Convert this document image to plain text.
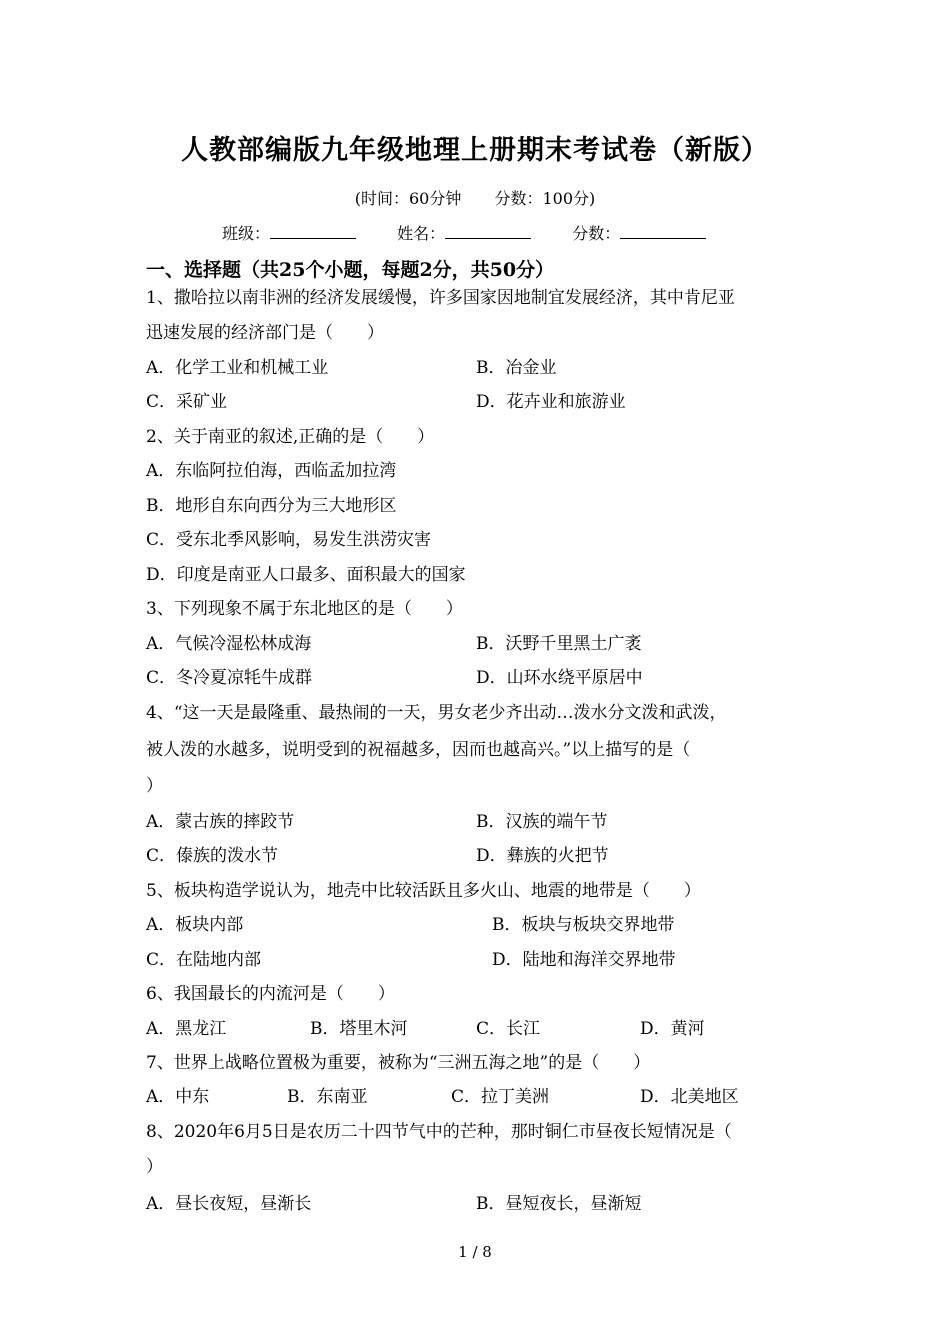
人教部编版九年级地理上册期末考试卷（新版）
(时间：60分钟 分数：100分)
班级：	姓名：	分数：
一、选择题（共25个小题，每题2分，共50分）
1、撒哈拉以南非洲的经济发展缓慢，许多国家因地制宜发展经济，其中肯尼亚
迅速发展的经济部门是（　　）
A．化学工业和机械工业	B．冶金业
C．采矿业	D．花卉业和旅游业
2、关于南亚的叙述,正确的是（　　）
A．东临阿拉伯海，西临孟加拉湾
B．地形自东向西分为三大地形区
C．受东北季风影响，易发生洪涝灾害
D．印度是南亚人口最多、面积最大的国家
3、下列现象不属于东北地区的是（　　）
A．气候冷湿松林成海	B．沃野千里黑土广袤
C．冬冷夏凉牦牛成群	D．山环水绕平原居中
4、“这一天是最隆重、最热闹的一天，男女老少齐出动…泼水分文泼和武泼，
被人泼的水越多，说明受到的祝福越多，因而也越高兴。”以上描写的是（
）
A．蒙古族的摔跤节	B．汉族的端午节
C．傣族的泼水节	D．彝族的火把节
5、板块构造学说认为，地壳中比较活跃且多火山、地震的地带是（　　）
A．板块内部	B．板块与板块交界地带
C．在陆地内部	D．陆地和海洋交界地带
6、我国最长的内流河是（　　）
A．黑龙江	B．塔里木河	C．长江	D．黄河
7、世界上战略位置极为重要，被称为“三洲五海之地”的是（　　）
A．中东	B．东南亚	C．拉丁美洲	D．北美地区
8、2020年6月5日是农历二十四节气中的芒种，那时铜仁市昼夜长短情况是（
）
A．昼长夜短，昼渐长	B．昼短夜长，昼渐短
1 / 8
